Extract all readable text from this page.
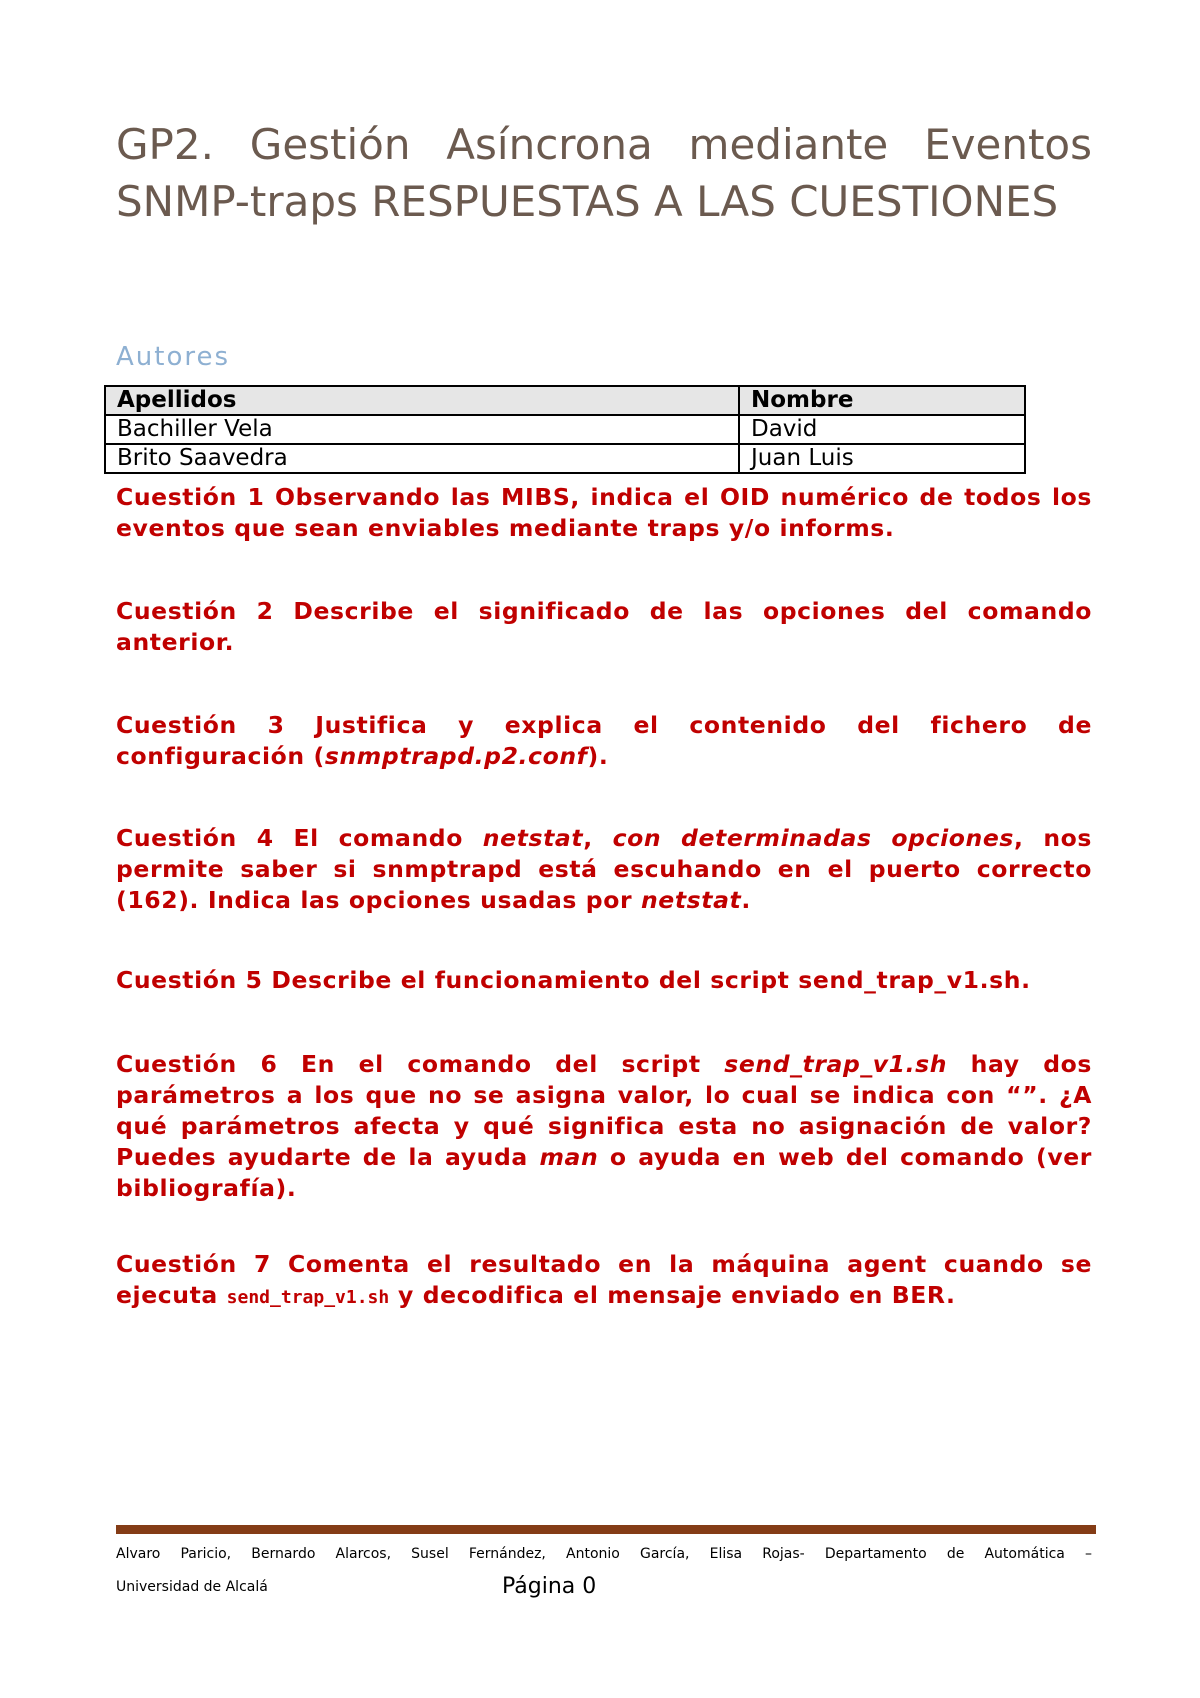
GP2. Gestión Asíncrona mediante Eventos SNMP-traps RESPUESTAS A LAS CUESTIONES
Autores
Apellidos	Nombre
Bachiller Vela	David
Brito Saavedra	Juan Luis

Cuestión 1 Observando las MIBS, indica el OID numérico de todos los eventos que sean enviables mediante traps y/o informs.

Cuestión 2 Describe el significado de las opciones del comando anterior.

Cuestión 3 Justifica y explica el contenido del fichero de configuración (snmptrapd.p2.conf).

Cuestión 4 El comando netstat, con determinadas opciones, nos permite saber si snmptrapd está escuhando en el puerto correcto (162). Indica las opciones usadas por netstat.

Cuestión 5 Describe el funcionamiento del script send_trap_v1.sh.

Cuestión 6 En el comando del script send_trap_v1.sh hay dos parámetros a los que no se asigna valor, lo cual se indica con “”. ¿A qué parámetros afecta y qué significa esta no asignación de valor? Puedes ayudarte de la ayuda man o ayuda en web del comando (ver bibliografía).

Cuestión 7 Comenta el resultado en la máquina agent cuando se ejecuta send_trap_v1.sh y decodifica el mensaje enviado en BER.

Alvaro Paricio, Bernardo Alarcos, Susel Fernández, Antonio García, Elisa Rojas- Departamento de Automática –
Universidad de Alcalá	Página 0
